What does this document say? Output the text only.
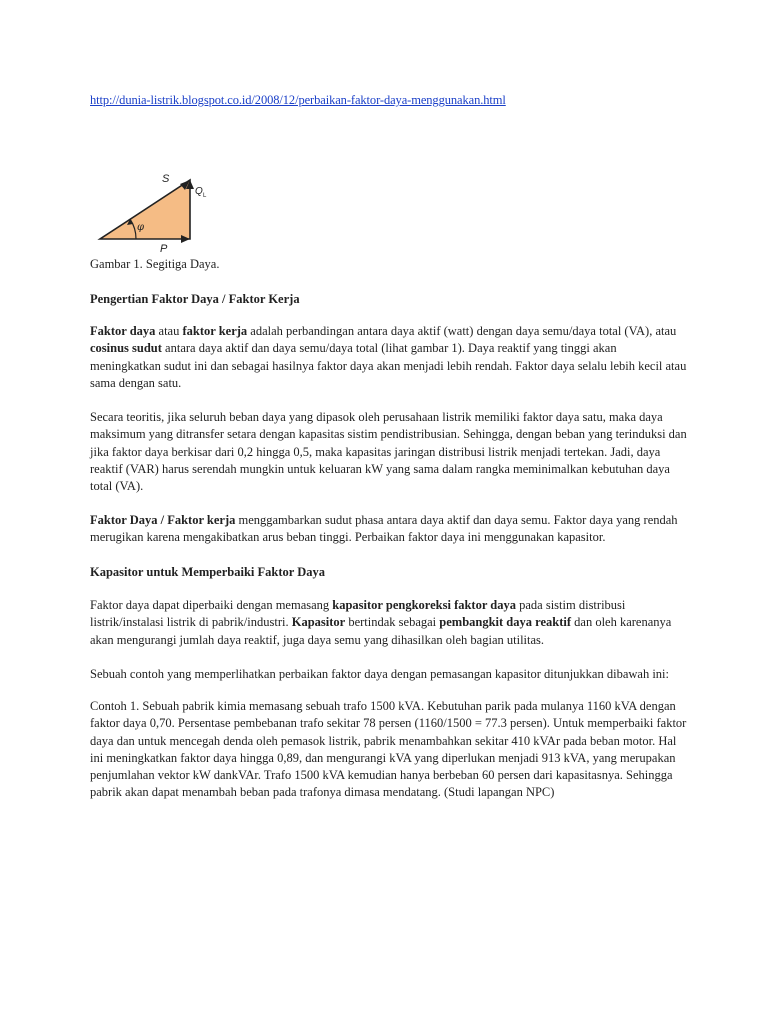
http://dunia-listrik.blogspot.co.id/2008/12/perbaikan-faktor-daya-menggunakan.html
S
Q L
φ
P
Gambar 1. Segitiga Daya.
Pengertian Faktor Daya / Faktor Kerja

Faktor daya atau faktor kerja adalah perbandingan antara daya aktif (watt) dengan daya semu/daya total (VA), atau cosinus sudut antara daya aktif dan daya semu/daya total (lihat gambar 1). Daya reaktif yang tinggi akan meningkatkan sudut ini dan sebagai hasilnya faktor daya akan menjadi lebih rendah. Faktor daya selalu lebih kecil atau sama dengan satu.

Secara teoritis, jika seluruh beban daya yang dipasok oleh perusahaan listrik memiliki faktor daya satu, maka daya maksimum yang ditransfer setara dengan kapasitas sistim pendistribusian. Sehingga, dengan beban yang terinduksi dan jika faktor daya berkisar dari 0,2 hingga 0,5, maka kapasitas jaringan distribusi listrik menjadi tertekan. Jadi, daya reaktif (VAR) harus serendah mungkin untuk keluaran kW yang sama dalam rangka meminimalkan kebutuhan daya total (VA).

Faktor Daya / Faktor kerja menggambarkan sudut phasa antara daya aktif dan daya semu. Faktor daya yang rendah merugikan karena mengakibatkan arus beban tinggi. Perbaikan faktor daya ini menggunakan kapasitor.

Kapasitor untuk Memperbaiki Faktor Daya

Faktor daya dapat diperbaiki dengan memasang kapasitor pengkoreksi faktor daya pada sistim distribusi listrik/instalasi listrik di pabrik/industri. Kapasitor bertindak sebagai pembangkit daya reaktif dan oleh karenanya akan mengurangi jumlah daya reaktif, juga daya semu yang dihasilkan oleh bagian utilitas.

Sebuah contoh yang memperlihatkan perbaikan faktor daya dengan pemasangan kapasitor ditunjukkan dibawah ini:

Contoh 1. Sebuah pabrik kimia memasang sebuah trafo 1500 kVA. Kebutuhan parik pada mulanya 1160 kVA dengan faktor daya 0,70. Persentase pembebanan trafo sekitar 78 persen (1160/1500 = 77.3 persen). Untuk memperbaiki faktor daya dan untuk mencegah denda oleh pemasok listrik, pabrik menambahkan sekitar 410 kVAr pada beban motor. Hal ini meningkatkan faktor daya hingga 0,89, dan mengurangi kVA yang diperlukan menjadi 913 kVA, yang merupakan penjumlahan vektor kW dankVAr. Trafo 1500 kVA kemudian hanya berbeban 60 persen dari kapasitasnya. Sehingga pabrik akan dapat menambah beban pada trafonya dimasa mendatang. (Studi lapangan NPC)
